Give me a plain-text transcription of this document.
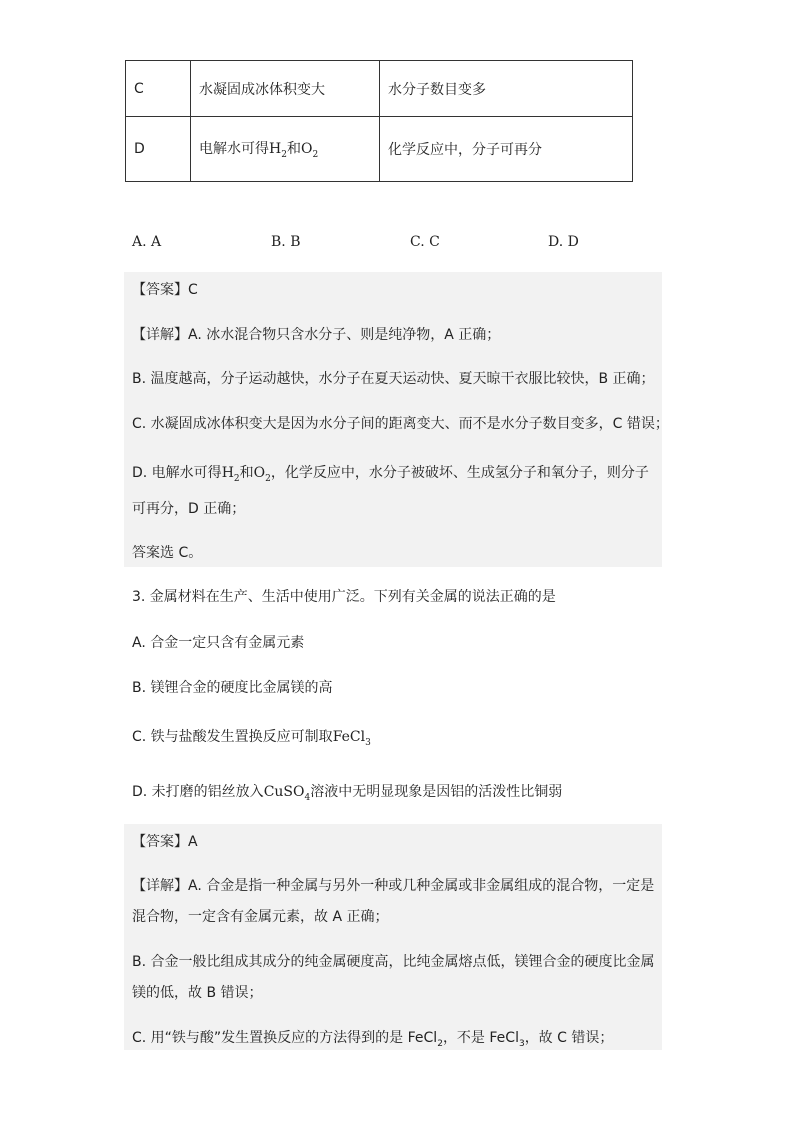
C	水凝固成冰体积变大	水分子数目变多
D	电解水可得$H_2$和$O_2$	化学反应中，分子可再分
A. A	B. B	C. C	D. D
【答案】C
【详解】A. 冰水混合物只含水分子、则是纯净物，A 正确；
B. 温度越高，分子运动越快，水分子在夏天运动快、夏天晾干衣服比较快，B 正确；
C. 水凝固成冰体积变大是因为水分子间的距离变大、而不是水分子数目变多，C 错误；
D. 电解水可得$H_2$和$O_2$，化学反应中，水分子被破坏、生成氢分子和氧分子，则分子
可再分，D 正确；
答案选 C。
3. 金属材料在生产、生活中使用广泛。下列有关金属的说法正确的是
A. 合金一定只含有金属元素
B. 镁锂合金的硬度比金属镁的高
C. 铁与盐酸发生置换反应可制取FeCl$_3$
D. 未打磨的铝丝放入CuSO$_4$溶液中无明显现象是因铝的活泼性比铜弱
【答案】A
【详解】A. 合金是指一种金属与另外一种或几种金属或非金属组成的混合物，一定是
混合物，一定含有金属元素，故 A 正确；
B. 合金一般比组成其成分的纯金属硬度高，比纯金属熔点低，镁锂合金的硬度比金属
镁的低，故 B 错误；
C. 用“铁与酸”发生置换反应的方法得到的是 FeCl$_2$，不是 FeCl$_3$，故 C 错误；
